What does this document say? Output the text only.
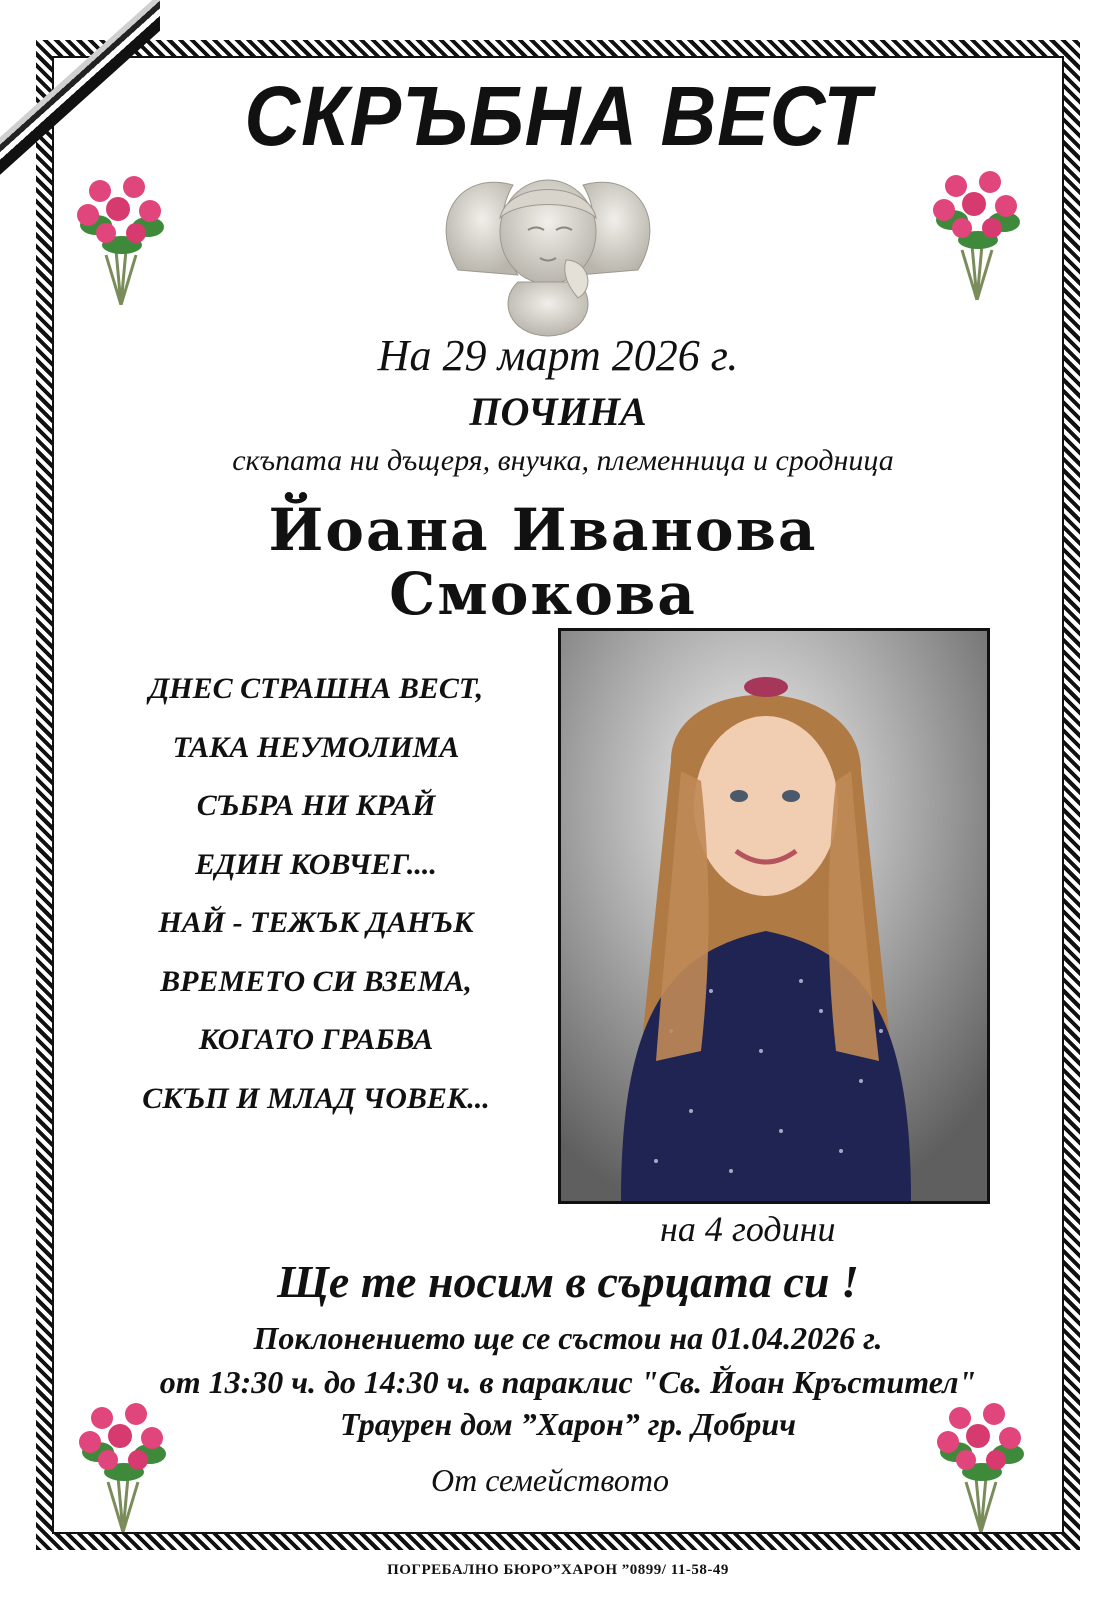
СКРЪБНА ВЕСТ
На 29 март 2026 г.
ПОЧИНА
скъпата ни дъщеря, внучка, племенница и сродница
Йоана Иванова
Смокова
ДНЕС СТРАШНА ВЕСТ,
ТАКА НЕУМОЛИМА
СЪБРА НИ КРАЙ
ЕДИН КОВЧЕГ....
НАЙ - ТЕЖЪК ДАНЪК
ВРЕМЕТО СИ ВЗЕМА,
КОГАТО ГРАБВА
СКЪП И МЛАД ЧОВЕК...
на 4 години
Ще те носим в сърцата си !
Поклонението ще се състои на 01.04.2026 г.
от 13:30 ч. до 14:30 ч. в параклис "Св. Йоан Кръстител"
Траурен дом ”Харон” гр. Добрич
От семейството
ПОГРЕБАЛНО БЮРО”ХАРОН ”0899/ 11-58-49
